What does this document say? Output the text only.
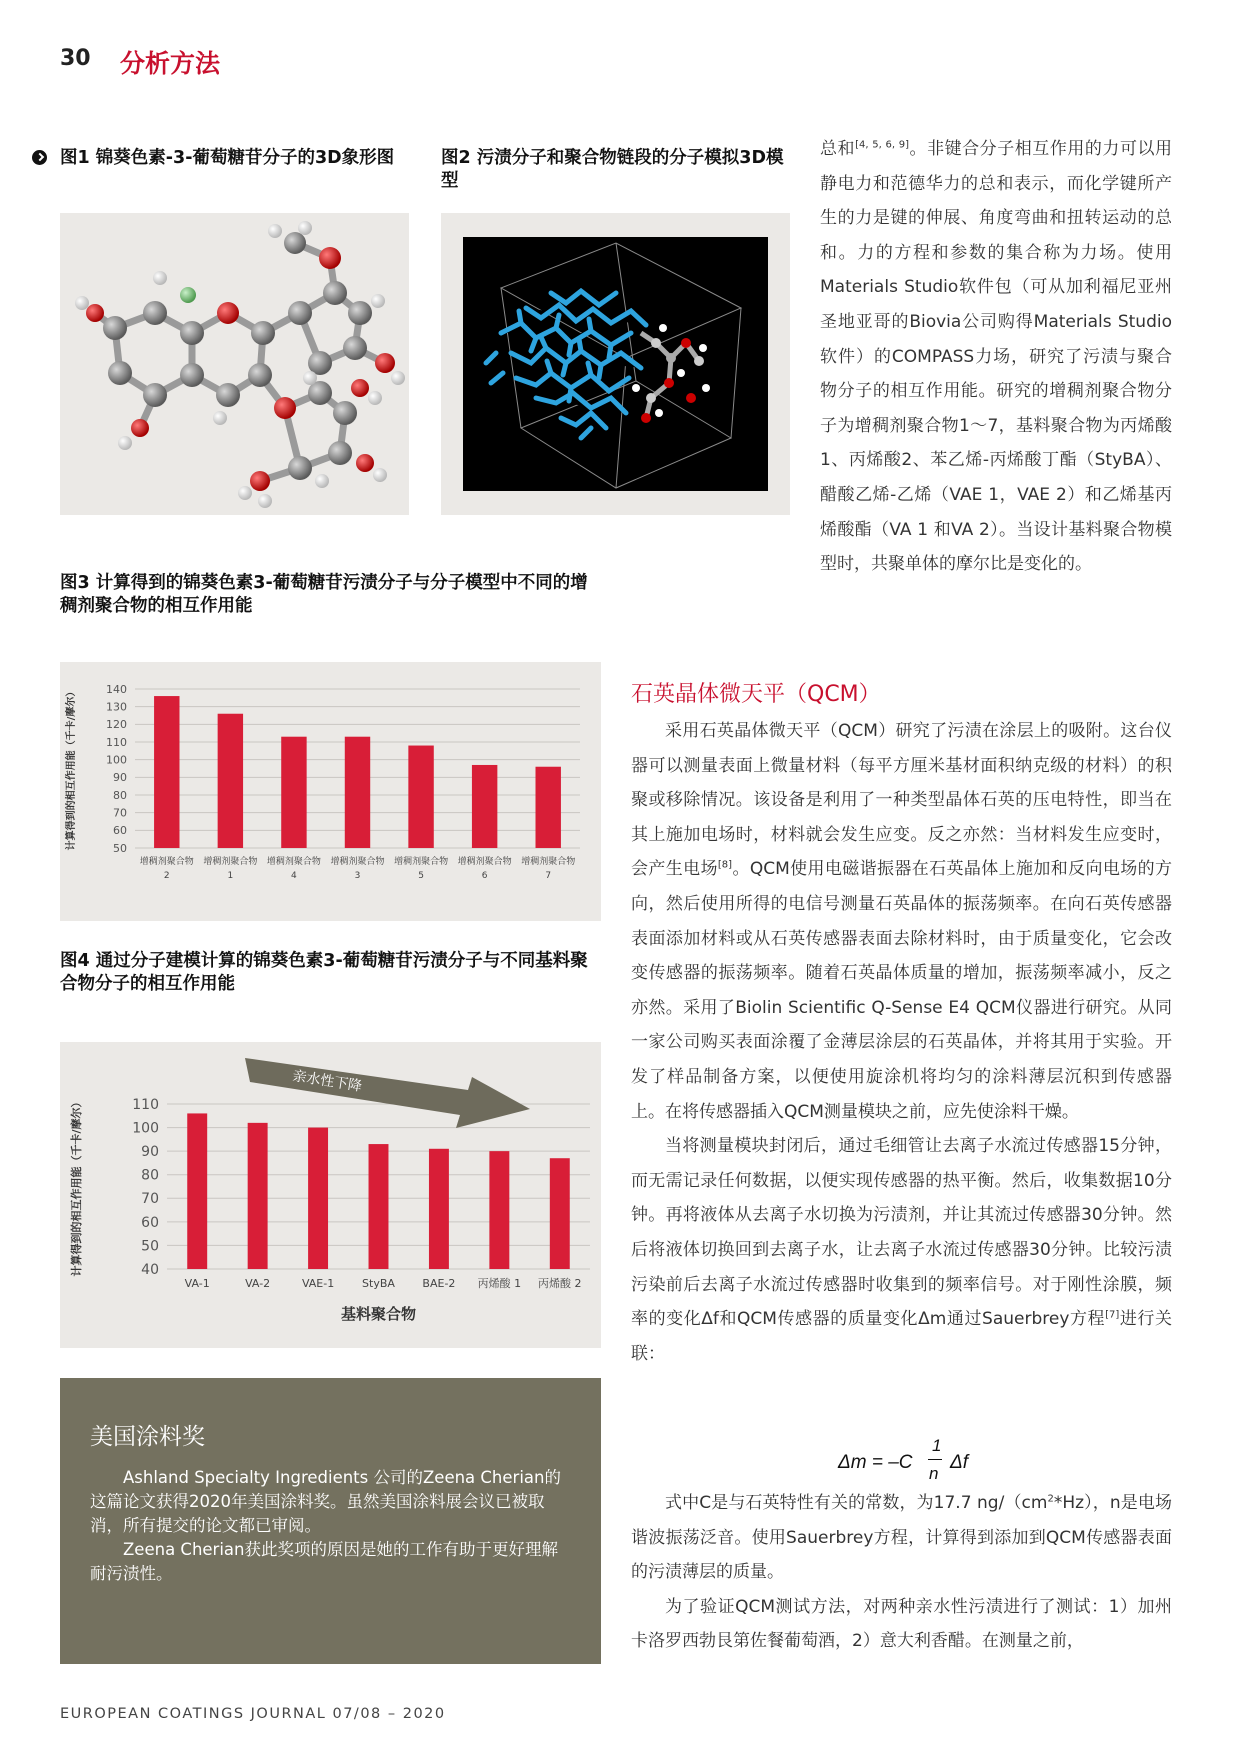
30 分析方法
图1 锦葵色素-3-葡萄糖苷分子的3D象形图	图2 污渍分子和聚合物链段的分子模拟3D模型
图3 计算得到的锦葵色素3-葡萄糖苷污渍分子与分子模型中不同的增稠剂聚合物的相互作用能
140
130
120
110
100
90
80
70
60
50
计算得到的相互作用能（千卡/摩尔）
增稠剂聚合物
2
增稠剂聚合物
1
增稠剂聚合物
4
增稠剂聚合物
3
增稠剂聚合物
5
增稠剂聚合物
6
增稠剂聚合物
7
图4 通过分子建模计算的锦葵色素3-葡萄糖苷污渍分子与不同基料聚合物分子的相互作用能
110
100
90
80
70
60
50
40
计算得到的相互作用能（千卡/摩尔）
VA-1	VA-2	VAE-1	StyBA BAE-2 丙烯酸 1 丙烯酸 2
基料聚合物
亲水性下降
美国涂料奖

Ashland Specialty Ingredients 公司的Zeena Cherian的这篇论文获得2020年美国涂料奖。虽然美国涂料展会议已被取消，所有提交的论文都已审阅。

Zeena Cherian获此奖项的原因是她的工作有助于更好理解耐污渍性。

总和[4, 5, 6, 9]。非键合分子相互作用的力可以用静电力和范德华力的总和表示，而化学键所产生的力是键的伸展、角度弯曲和扭转运动的总和。力的方程和参数的集合称为力场。使用Materials Studio软件包（可从加利福尼亚州圣地亚哥的Biovia公司购得Materials Studio软件）的COMPASS力场，研究了污渍与聚合物分子的相互作用能。研究的增稠剂聚合物分子为增稠剂聚合物1～7，基料聚合物为丙烯酸1、丙烯酸2、苯乙烯-丙烯酸丁酯（StyBA）、醋酸乙烯-乙烯（VAE 1，VAE 2）和乙烯基丙烯酸酯（VA 1 和VA 2）。当设计基料聚合物模型时，共聚单体的摩尔比是变化的。

石英晶体微天平（QCM）

采用石英晶体微天平（QCM）研究了污渍在涂层上的吸附。这台仪器可以测量表面上微量材料（每平方厘米基材面积纳克级的材料）的积聚或移除情况。该设备是利用了一种类型晶体石英的压电特性，即当在其上施加电场时，材料就会发生应变。反之亦然：当材料发生应变时，会产生电场[8]。QCM使用电磁谐振器在石英晶体上施加和反向电场的方向，然后使用所得的电信号测量石英晶体的振荡频率。在向石英传感器表面添加材料或从石英传感器表面去除材料时，由于质量变化，它会改变传感器的振荡频率。随着石英晶体质量的增加，振荡频率减小，反之亦然。采用了Biolin Scientific Q-Sense E4 QCM仪器进行研究。从同一家公司购买表面涂覆了金薄层涂层的石英晶体，并将其用于实验。开发了样品制备方案，以便使用旋涂机将均匀的涂料薄层沉积到传感器上。在将传感器插入QCM测量模块之前，应先使涂料干燥。

当将测量模块封闭后，通过毛细管让去离子水流过传感器15分钟，而无需记录任何数据，以便实现传感器的热平衡。然后，收集数据10分钟。再将液体从去离子水切换为污渍剂，并让其流过传感器30分钟。然后将液体切换回到去离子水，让去离子水流过传感器30分钟。比较污渍污染前后去离子水流过传感器时收集到的频率信号。对于刚性涂膜，频率的变化Δf和QCM传感器的质量变化Δm通过Sauerbrey方程[7]进行关联：

Δm = –C
1
n
Δf

式中C是与石英特性有关的常数，为17.7 $ng/(cm^2*Hz)$，n是电场谐波振荡泛音。使用Sauerbrey方程，计算得到添加到QCM传感器表面的污渍薄层的质量。

为了验证QCM测试方法，对两种亲水性污渍进行了测试：1）加州卡洛罗西勃艮第佐餐葡萄酒，2）意大利香醋。在测量之前，

EUROPEAN COATINGS JOURNAL 07/08 – 2020
